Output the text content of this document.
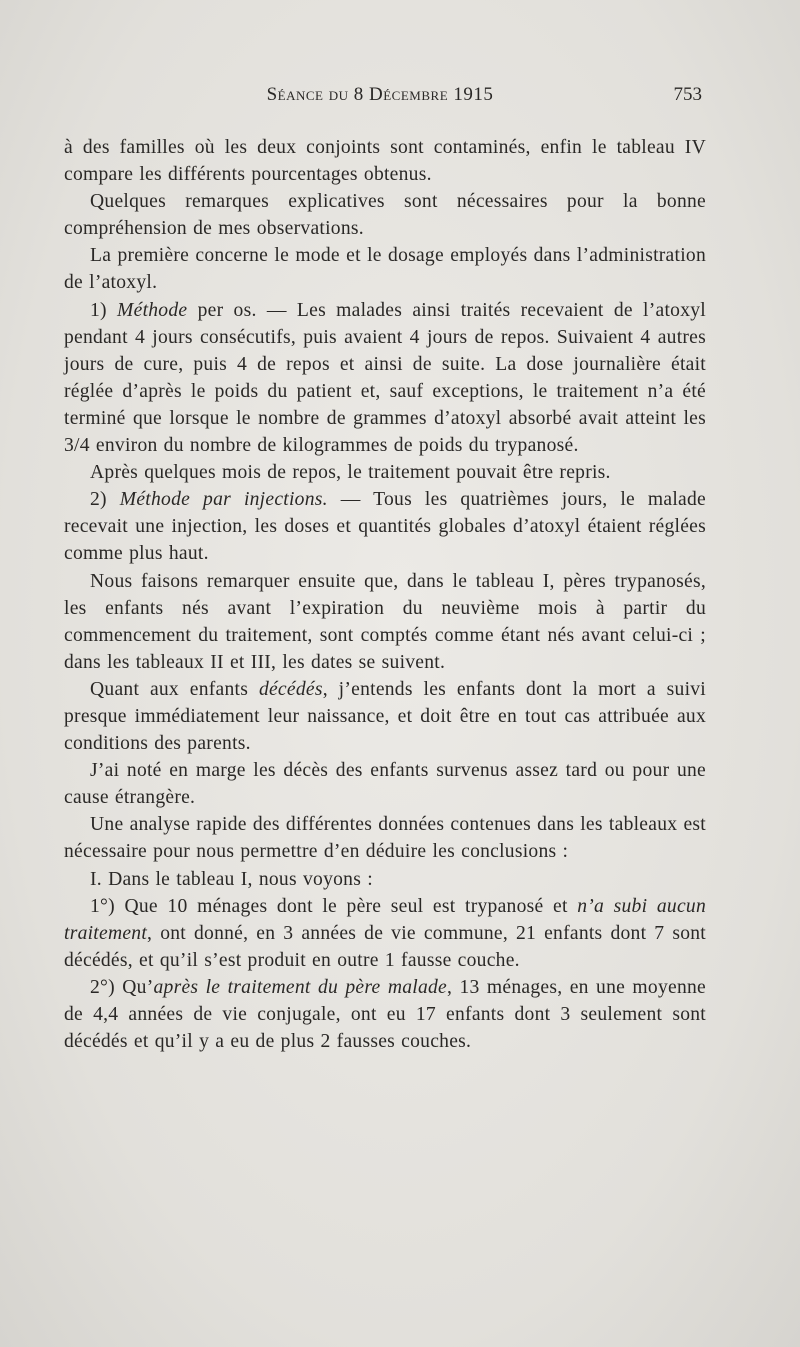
Séance du 8 Décembre 1915	753

à des familles où les deux conjoints sont contaminés, enfin le tableau IV compare les différents pourcentages obtenus.

Quelques remarques explicatives sont nécessaires pour la bonne compréhension de mes observations.

La première concerne le mode et le dosage employés dans l’administration de l’atoxyl.

1) Méthode per os. — Les malades ainsi traités recevaient de l’atoxyl pendant 4 jours consécutifs, puis avaient 4 jours de repos. Suivaient 4 autres jours de cure, puis 4 de repos et ainsi de suite. La dose journalière était réglée d’après le poids du patient et, sauf exceptions, le traitement n’a été terminé que lorsque le nombre de grammes d’atoxyl absorbé avait atteint les 3/4 environ du nombre de kilogrammes de poids du trypanosé.

Après quelques mois de repos, le traitement pouvait être repris.

2) Méthode par injections. — Tous les quatrièmes jours, le malade recevait une injection, les doses et quantités globales d’atoxyl étaient réglées comme plus haut.

Nous faisons remarquer ensuite que, dans le tableau I, pères trypanosés, les enfants nés avant l’expiration du neuvième mois à partir du commencement du traitement, sont comptés comme étant nés avant celui-ci ; dans les tableaux II et III, les dates se suivent.

Quant aux enfants décédés, j’entends les enfants dont la mort a suivi presque immédiatement leur naissance, et doit être en tout cas attribuée aux conditions des parents.

J’ai noté en marge les décès des enfants survenus assez tard ou pour une cause étrangère.

Une analyse rapide des différentes données contenues dans les tableaux est nécessaire pour nous permettre d’en déduire les conclusions :

I. Dans le tableau I, nous voyons :

1°) Que 10 ménages dont le père seul est trypanosé et n’a subi aucun traitement, ont donné, en 3 années de vie commune, 21 enfants dont 7 sont décédés, et qu’il s’est produit en outre 1 fausse couche.

2°) Qu’après le traitement du père malade, 13 ménages, en une moyenne de 4,4 années de vie conjugale, ont eu 17 enfants dont 3 seulement sont décédés et qu’il y a eu de plus 2 fausses couches.
